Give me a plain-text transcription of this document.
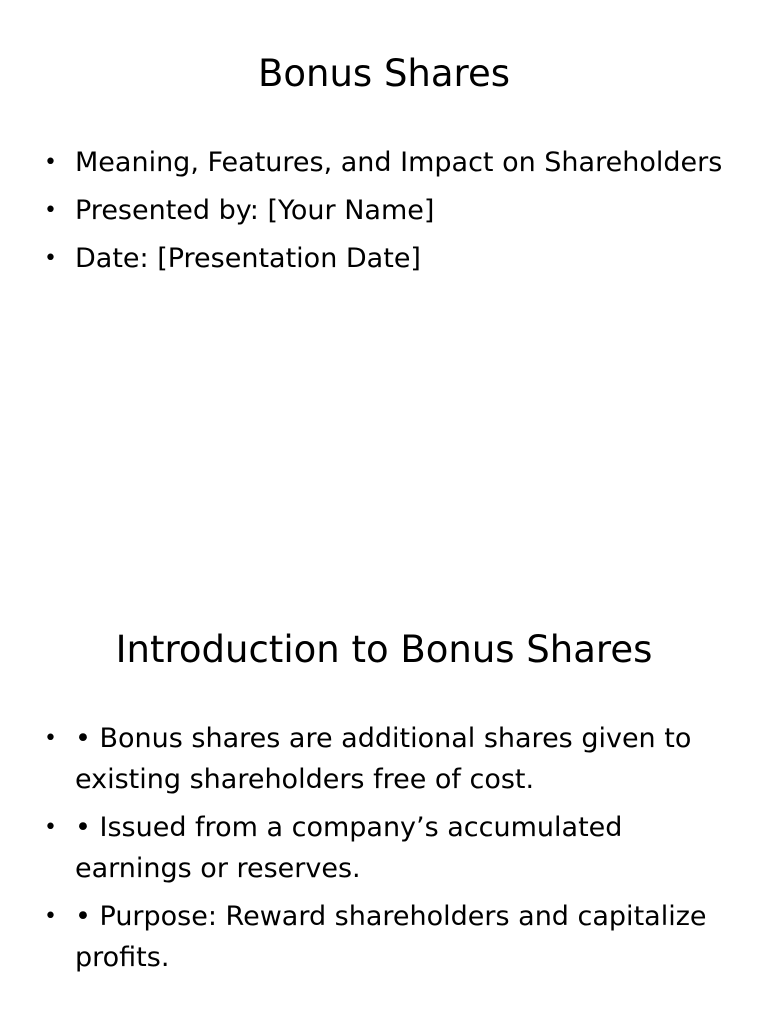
Bonus Shares
• Meaning, Features, and Impact on Shareholders
• Presented by: [Your Name]
• Date: [Presentation Date]
Introduction to Bonus Shares
• • Bonus shares are additional shares given to existing shareholders free of cost.
• • Issued from a company’s accumulated earnings or reserves.
• • Purpose: Reward shareholders and capitalize profits.
